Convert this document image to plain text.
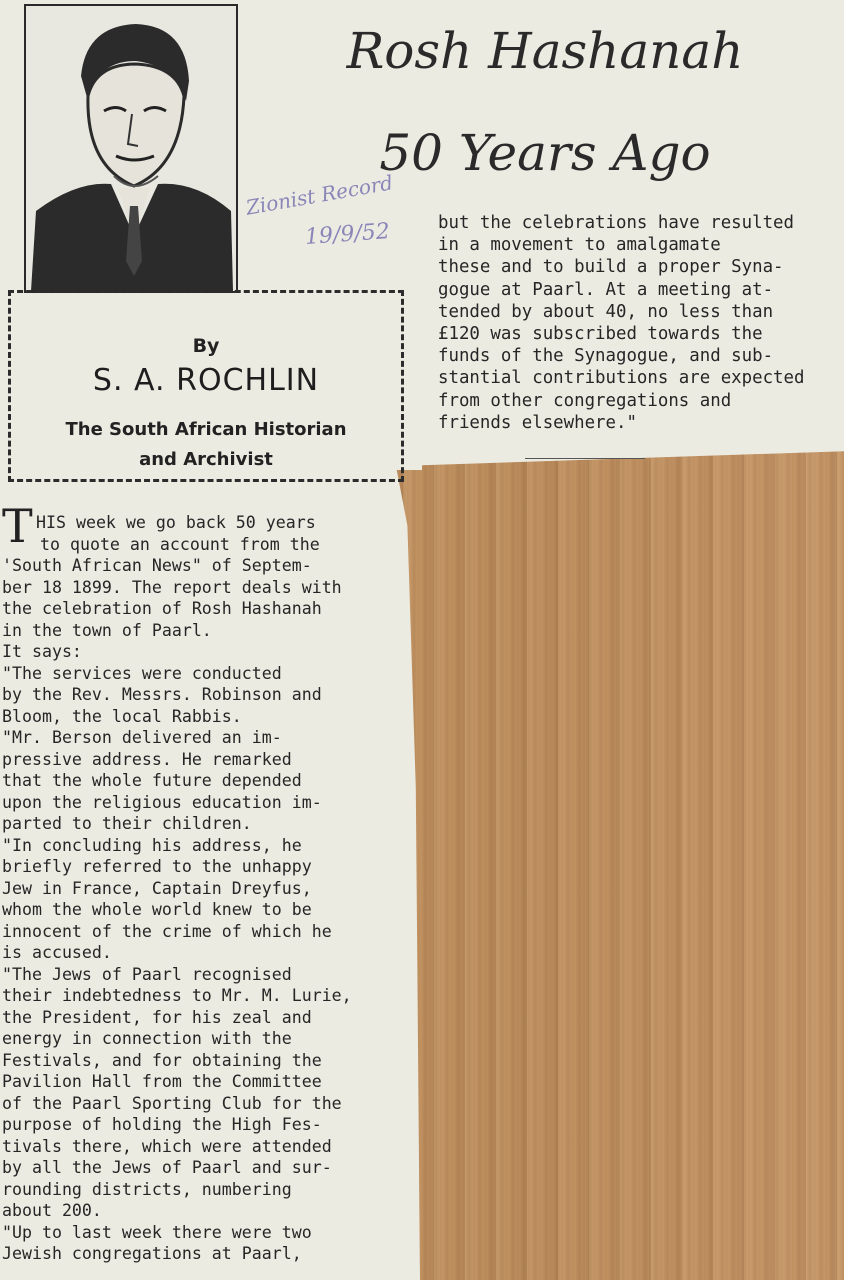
Zionist Record
19/9/52
Rosh Hashanah
50 Years Ago
By
S. A. ROCHLIN
The South African Historian
and Archivist
but the celebrations have resulted
in a movement to amalgamate
these and to build a proper Syna-
gogue at Paarl. At a meeting at-
tended by about 40, no less than
£120 was subscribed towards the
funds of the Synagogue, and sub-
stantial contributions are expected
from other congregations and
friends elsewhere."
T HIS week we go back 50 years
to quote an account from the
'South African News" of Septem-
ber 18 1899. The report deals with
the celebration of Rosh Hashanah
in the town of Paarl.
It says:
"The services were conducted
by the Rev. Messrs. Robinson and
Bloom, the local Rabbis.
"Mr. Berson delivered an im-
pressive address. He remarked
that the whole future depended
upon the religious education im-
parted to their children.
"In concluding his address, he
briefly referred to the unhappy
Jew in France, Captain Dreyfus,
whom the whole world knew to be
innocent of the crime of which he
is accused.
"The Jews of Paarl recognised
their indebtedness to Mr. M. Lurie,
the President, for his zeal and
energy in connection with the
Festivals, and for obtaining the
Pavilion Hall from the Committee
of the Paarl Sporting Club for the
purpose of holding the High Fes-
tivals there, which were attended
by all the Jews of Paarl and sur-
rounding districts, numbering
about 200.
"Up to last week there were two
Jewish congregations at Paarl,
